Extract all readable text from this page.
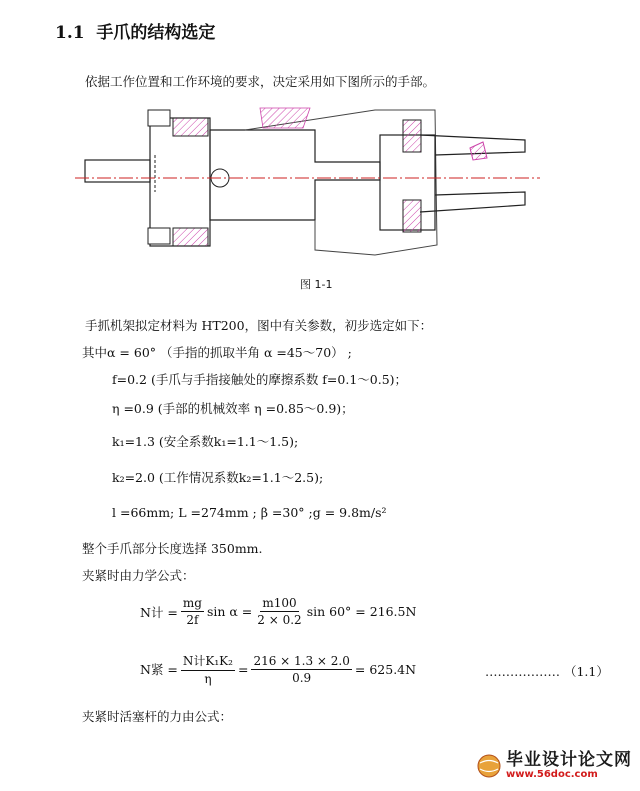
1.1 手爪的结构选定
依据工作位置和工作环境的要求，决定采用如下图所示的手部。
图 1-1
手抓机架拟定材料为 HT200，图中有关参数，初步选定如下：
其中α = 60° （手指的抓取半角 α =45～70） ;
f=0.2 (手爪与手指接触处的摩擦系数 f=0.1～0.5)；
η =0.9 (手部的机械效率 η =0.85～0.9)；
k₁=1.3 (安全系数k₁=1.1～1.5);
k₂=2.0 (工作情况系数k₂=1.1～2.5);
l =66mm; L =274mm ; β =30° ;g = 9.8m/s²
整个手爪部分长度选择 350mm.
夹紧时由力学公式：
N计 = $\frac{mg}{2f}$ $\sin \alpha = \frac{m100}{2 \times 0.2}$ sin 60° = 216.5N
N紧 = $\frac{\text{N计K₁K₂}}{\eta} = \frac{216 \times 1.3 \times 2.0}{0.9} = 625.4N$	……………… （1.1）
夹紧时活塞杆的力由公式：
毕业设计论文网
www.56doc.com
